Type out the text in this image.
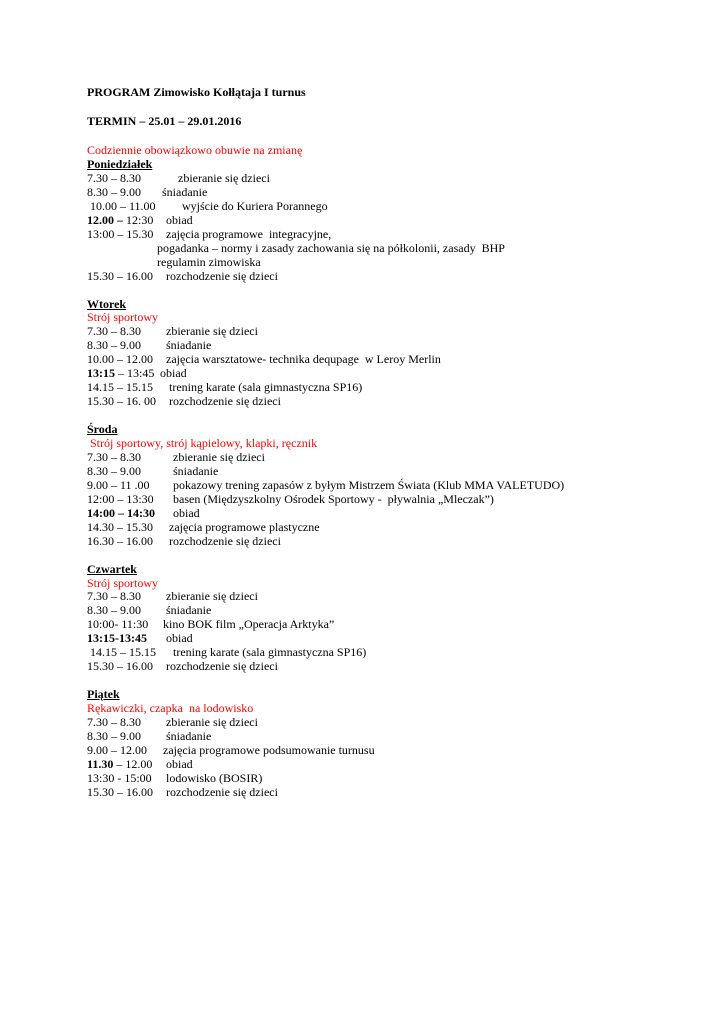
PROGRAM Zimowisko Kołłątaja I turnus
TERMIN – 25.01 – 29.01.2016
Codziennie obowiązkowo obuwie na zmianę
Poniedziałek
7.30 – 8.30	zbieranie się dzieci
8.30 – 9.00 śniadanie
10.00 – 11.00 wyjście do Kuriera Porannego
12.00 – 12:30 obiad
13:00 – 15.30 zajęcia programowe  integracyjne,
pogadanka – normy i zasady zachowania się na półkolonii, zasady  BHP
regulamin zimowiska
15.30 – 16.00 rozchodzenie się dzieci
Wtorek
Strój sportowy
7.30 – 8.30 zbieranie się dzieci
8.30 – 9.00 śniadanie
10.00 – 12.00 zajęcia warsztatowe- technika dequpage  w Leroy Merlin
13:15 – 13:45 obiad
14.15 – 15.15 trening karate (sala gimnastyczna SP16)
15.30 – 16. 00 rozchodzenie się dzieci
Środa
Strój sportowy, strój kąpielowy, klapki, ręcznik
7.30 – 8.30	zbieranie się dzieci
8.30 – 9.00	śniadanie
9.00 – 11 .00 pokazowy trening zapasów z byłym Mistrzem Świata (Klub MMA VALETUDO)
12:00 – 13:30 basen (Międzyszkolny Ośrodek Sportowy -  pływalnia „Mleczak”)
14:00 – 14:30 obiad
14.30 – 15.30 zajęcia programowe plastyczne
16.30 – 16.00 rozchodzenie się dzieci
Czwartek
Strój sportowy
7.30 – 8.30 zbieranie się dzieci
8.30 – 9.00 śniadanie
10:00- 11:30 kino BOK film „Operacja Arktyka”
13:15-13:45 obiad
14.15 – 15.15 trening karate (sala gimnastyczna SP16)
15.30 – 16.00 rozchodzenie się dzieci
Piątek
Rękawiczki, czapka  na lodowisko
7.30 – 8.30 zbieranie się dzieci
8.30 – 9.00 śniadanie
9.00 – 12.00 zajęcia programowe podsumowanie turnusu
11.30 – 12.00 obiad
13:30 - 15:00 lodowisko (BOSIR)
15.30 – 16.00 rozchodzenie się dzieci
